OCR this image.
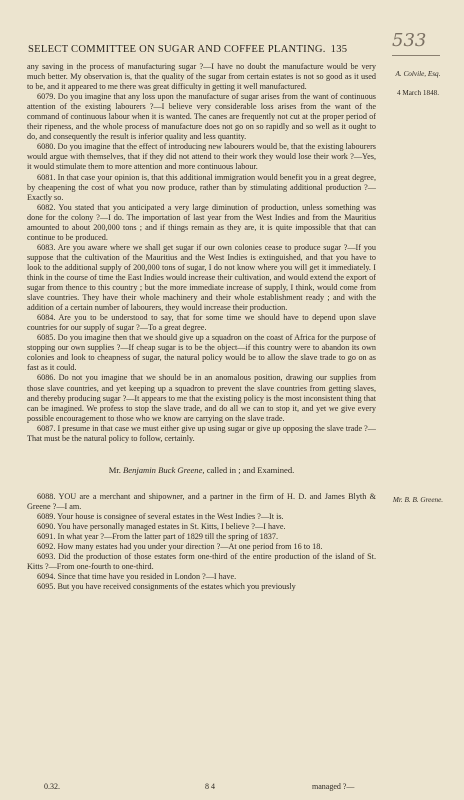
SELECT COMMITTEE ON SUGAR AND COFFEE PLANTING. 135	533
A. Colvile, Esq.
4 March 1848.

any saving in the process of manufacturing sugar ?—I have no doubt the manufacture would be very much better. My observation is, that the quality of the sugar from certain estates is not so good as it used to be, and it appeared to me there was great difficulty in getting it well manufactured.

6079. Do you imagine that any loss upon the manufacture of sugar arises from the want of continuous attention of the existing labourers ?—I believe very considerable loss arises from the want of the command of continuous labour when it is wanted. The canes are frequently not cut at the proper period of their ripeness, and the whole process of manufacture does not go on so rapidly and so well as it ought to do, and consequently the result is inferior quality and less quantity.

6080. Do you imagine that the effect of introducing new labourers would be, that the existing labourers would argue with themselves, that if they did not attend to their work they would lose their work ?—Yes, it would stimulate them to more attention and more continuous labour.

6081. In that case your opinion is, that this additional immigration would benefit you in a great degree, by cheapening the cost of what you now produce, rather than by stimulating additional production ?—Exactly so.

6082. You stated that you anticipated a very large diminution of production, unless something was done for the colony ?—I do. The importation of last year from the West Indies and from the Mauritius amounted to about 200,000 tons ; and if things remain as they are, it is quite impossible that that can continue to be produced.

6083. Are you aware where we shall get sugar if our own colonies cease to produce sugar ?—If you suppose that the cultivation of the Mauritius and the West Indies is extinguished, and that you have to look to the additional supply of 200,000 tons of sugar, I do not know where you will get it immediately. I think in the course of time the East Indies would increase their cultivation, and would extend the export of sugar from thence to this country ; but the more immediate increase of supply, I think, would come from slave countries. They have their whole machinery and their whole establishment ready ; and with the addition of a certain number of labourers, they would increase their production.

6084. Are you to be understood to say, that for some time we should have to depend upon slave countries for our supply of sugar ?—To a great degree.

6085. Do you imagine then that we should give up a squadron on the coast of Africa for the purpose of stopping our own supplies ?—If cheap sugar is to be the object—if this country were to abandon its own colonies and look to cheapness of sugar, the natural policy would be to allow the slave trade to go on as fast as it could.

6086. Do not you imagine that we should be in an anomalous position, drawing our supplies from those slave countries, and yet keeping up a squadron to prevent the slave countries from getting slaves, and thereby producing sugar ?—It appears to me that the existing policy is the most inconsistent thing that can be imagined. We profess to stop the slave trade, and do all we can to stop it, and yet we give every possible encouragement to those who we know are carrying on the slave trade.

6087. I presume in that case we must either give up using sugar or give up opposing the slave trade ?—That must be the natural policy to follow, certainly.

Mr. Benjamin Buck Greene, called in ; and Examined.
Mr. B. B. Greene.

6088. YOU are a merchant and shipowner, and a partner in the firm of H. D. and James Blyth & Greene ?—I am.

6089. Your house is consignee of several estates in the West Indies ?—It is.

6090. You have personally managed estates in St. Kitts, I believe ?—I have.

6091. In what year ?—From the latter part of 1829 till the spring of 1837.

6092. How many estates had you under your direction ?—At one period from 16 to 18.

6093. Did the production of those estates form one-third of the entire production of the island of St. Kitts ?—From one-fourth to one-third.

6094. Since that time have you resided in London ?—I have.

6095. But you have received consignments of the estates which you previously

0.32.	8 4	managed ?—
